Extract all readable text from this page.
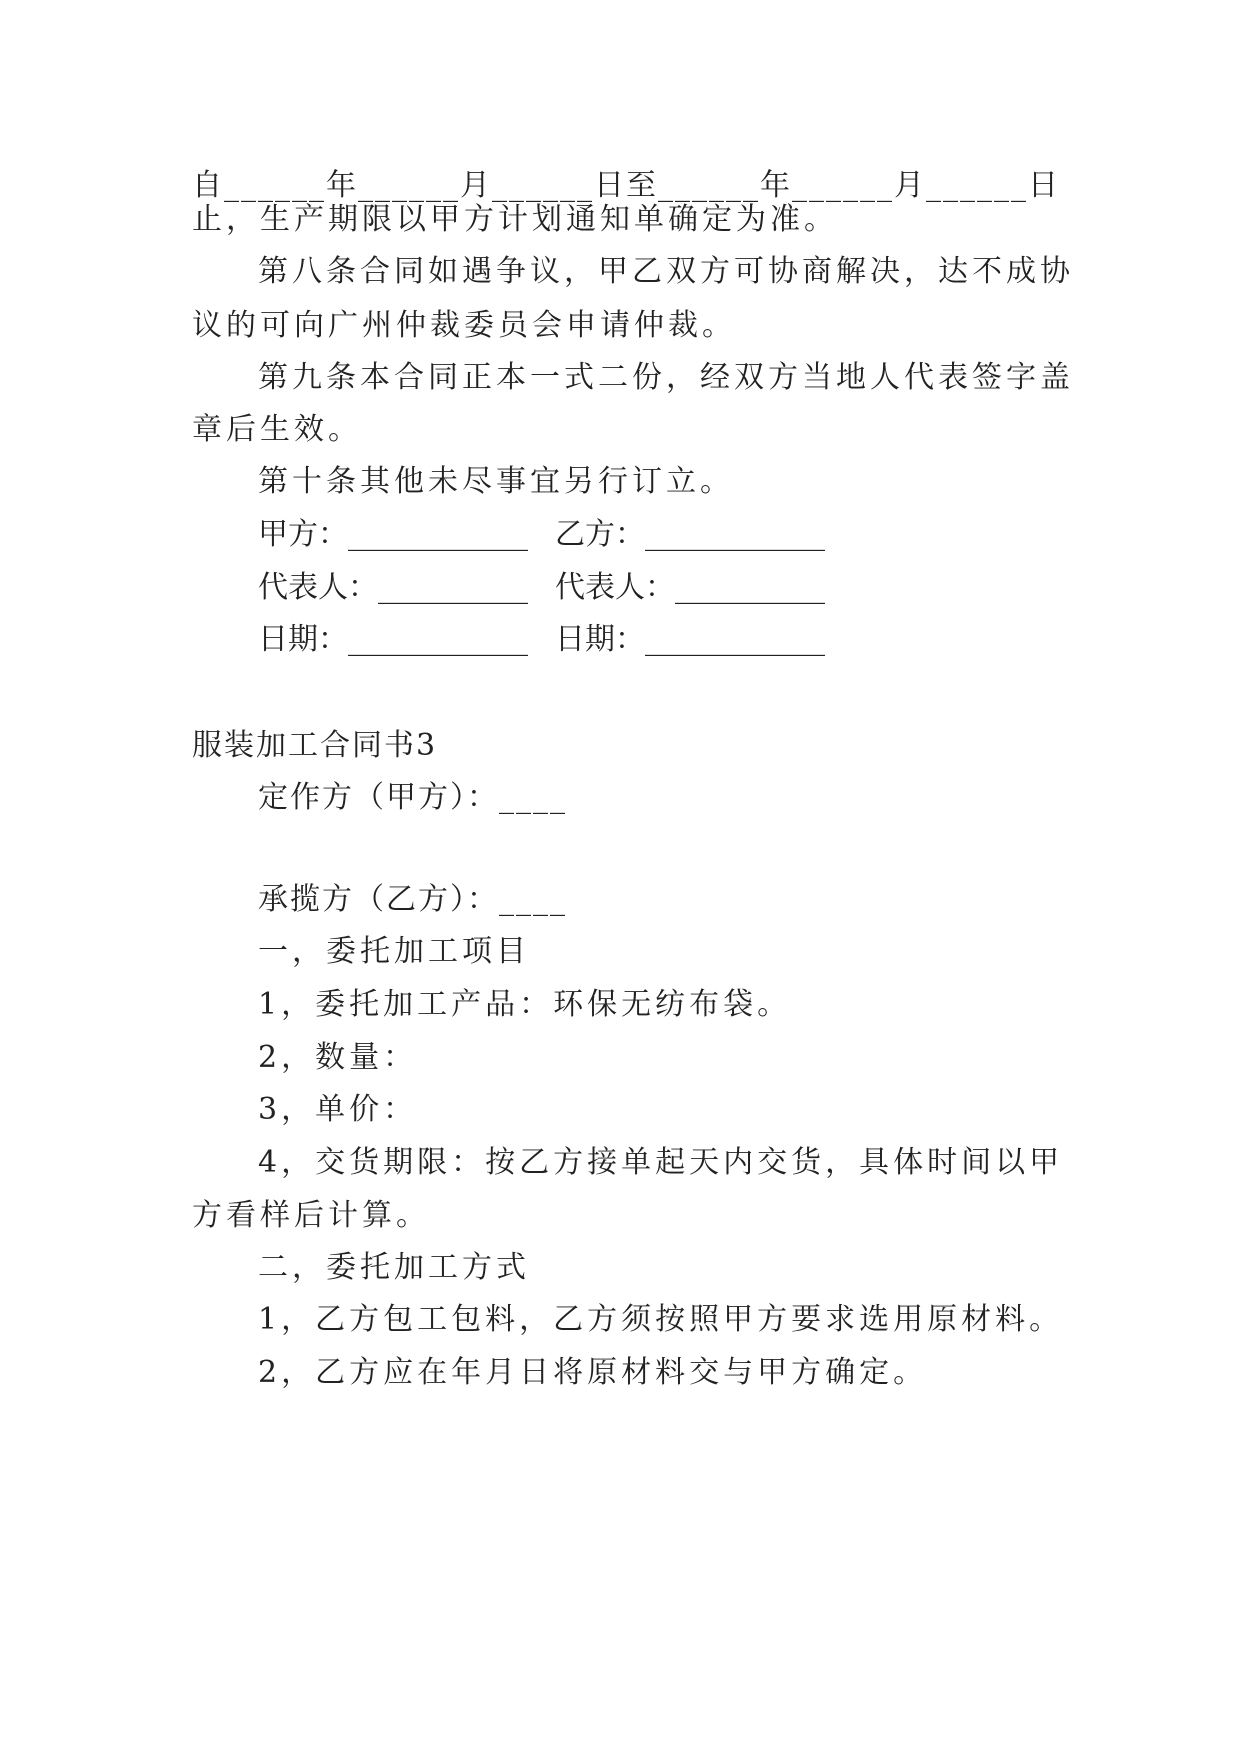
自______年______月______日至______年______月______日
止，生产期限以甲方计划通知单确定为准。
第八条合同如遇争议，甲乙双方可协商解决，达不成协
议的可向广州仲裁委员会申请仲裁。
第九条本合同正本一式二份，经双方当地人代表签字盖
章后生效。
第十条其他未尽事宜另行订立。
甲方：____________ 乙方：____________
代表人：__________ 代表人：__________
日期：____________ 日期：____________
服装加工合同书3
定作方（甲方）：____
承揽方（乙方）：____
一，委托加工项目
1，委托加工产品：环保无纺布袋。
2，数量：
3，单价：
4，交货期限：按乙方接单起天内交货，具体时间以甲
方看样后计算。
二，委托加工方式
1，乙方包工包料，乙方须按照甲方要求选用原材料。
2，乙方应在年月日将原材料交与甲方确定。
